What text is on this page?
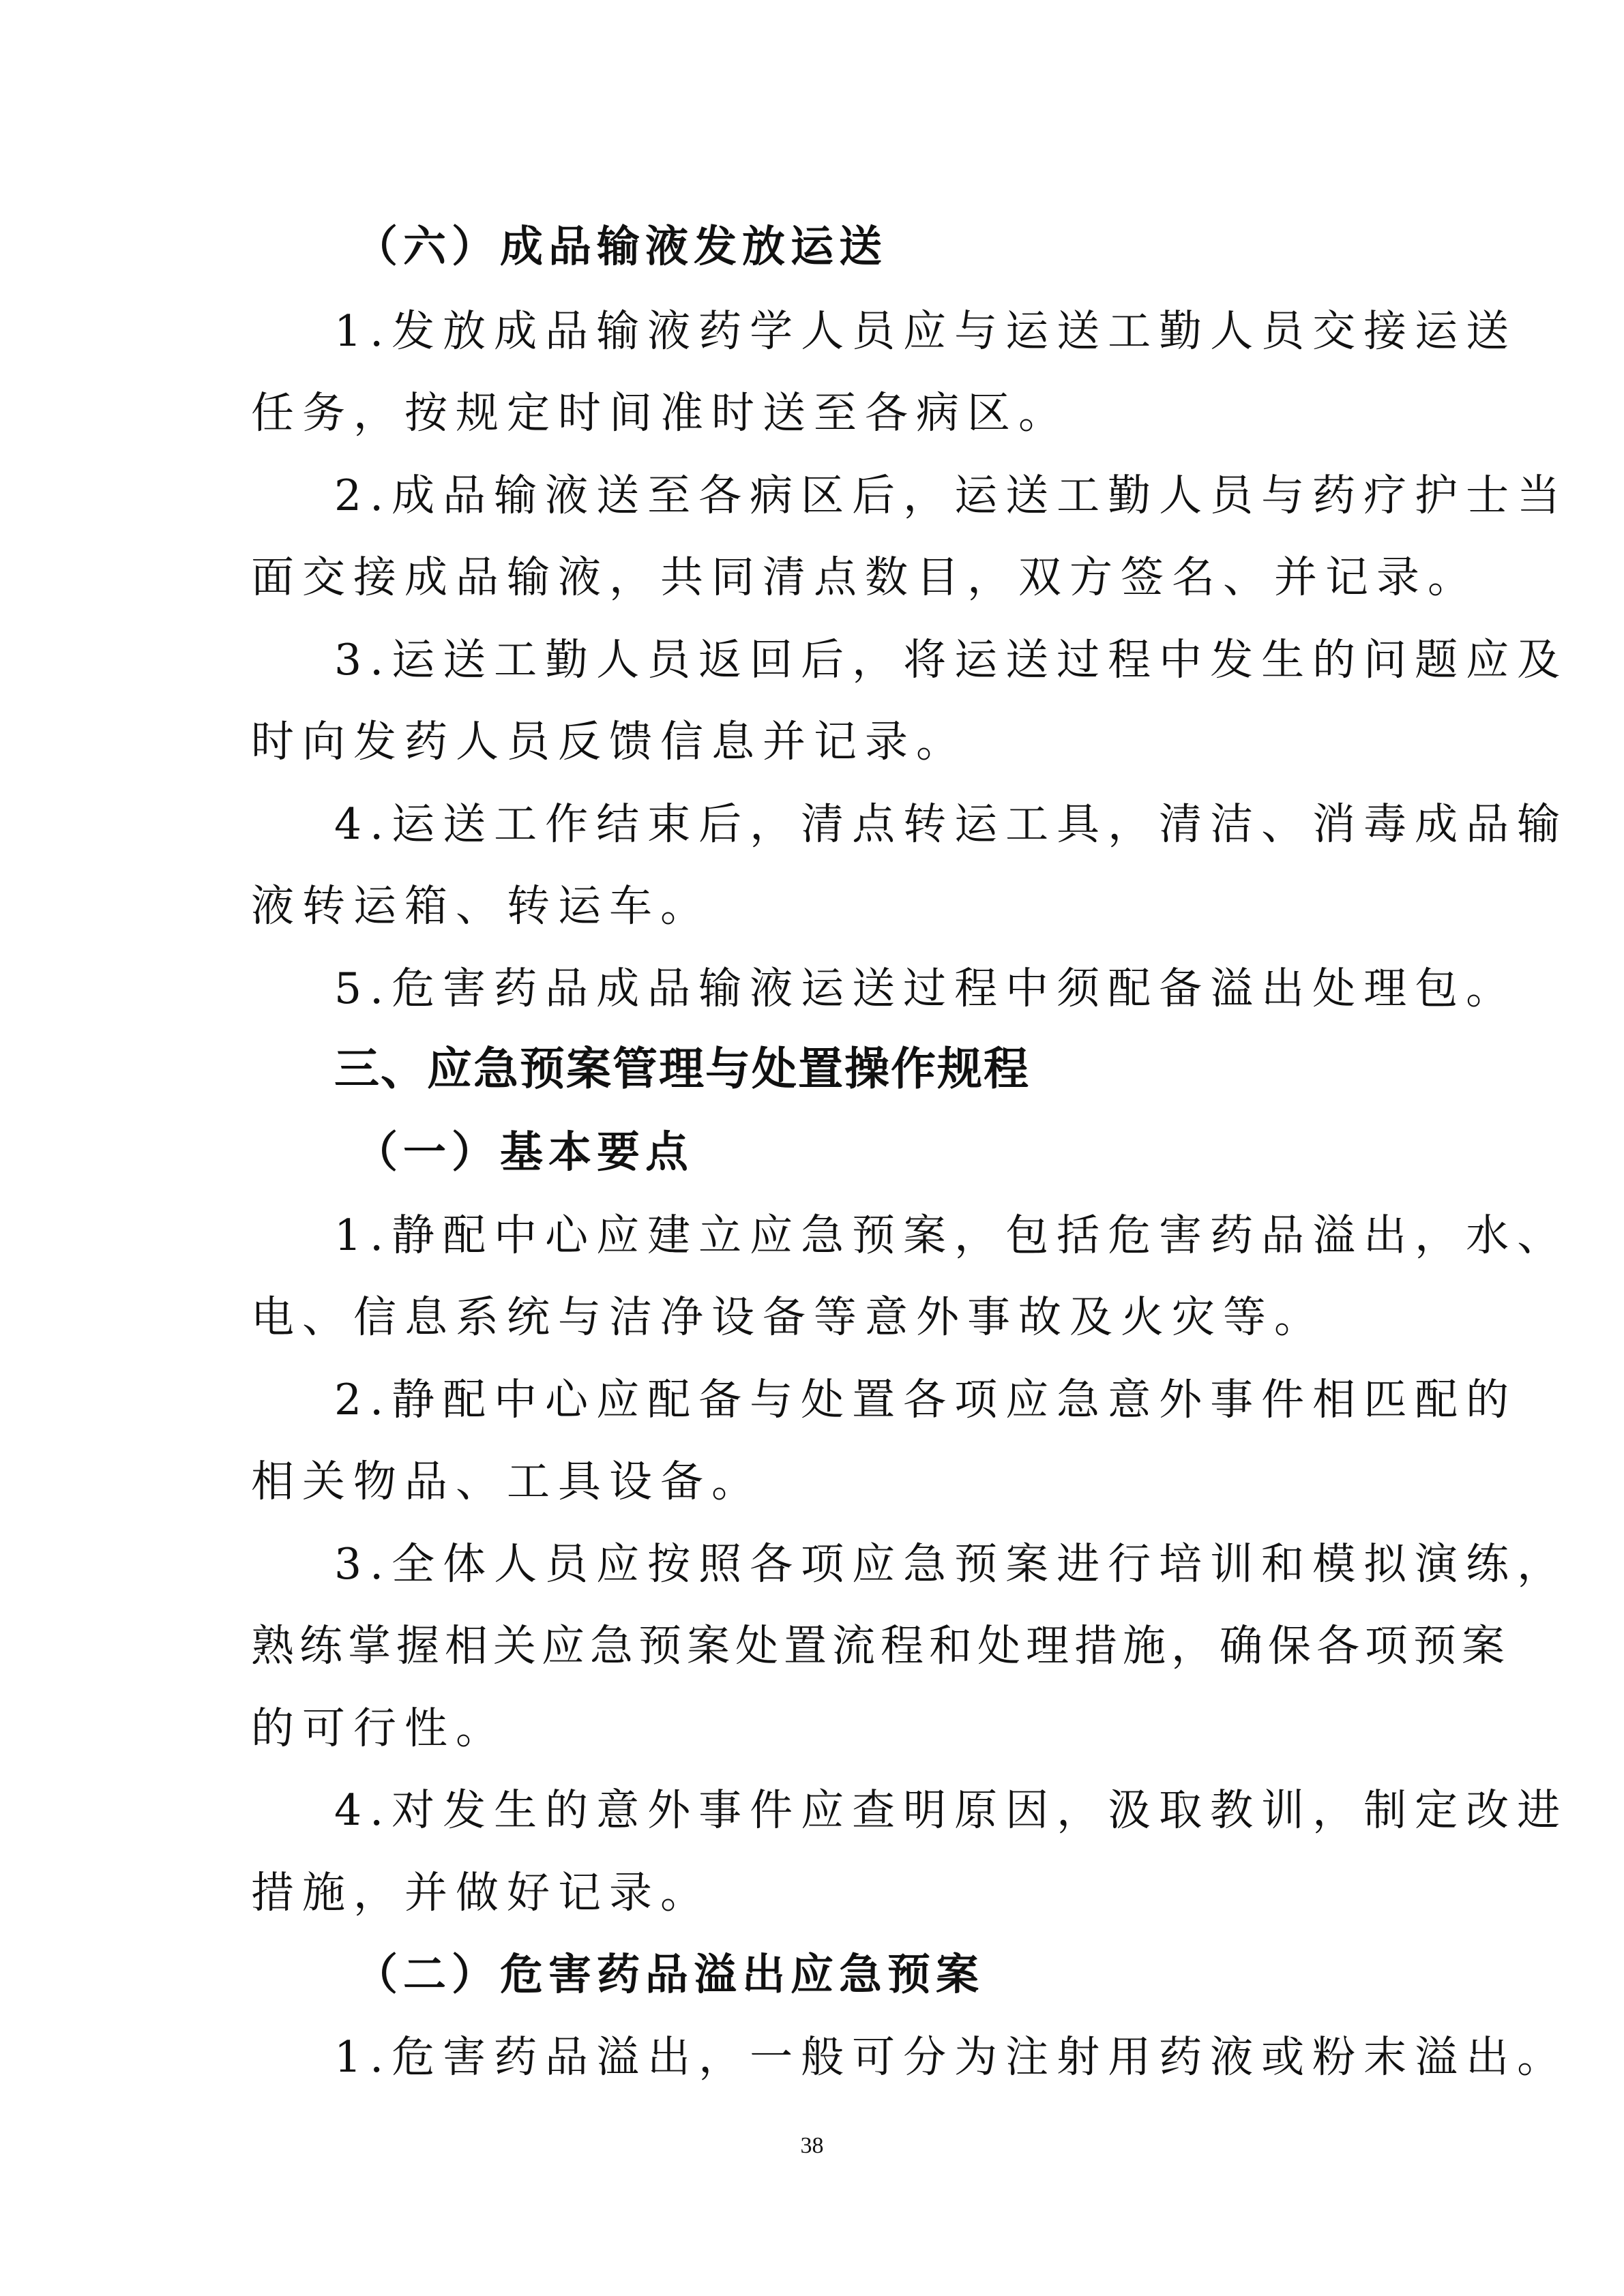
（六）成品输液发放运送
1.发放成品输液药学人员应与运送工勤人员交接运送
任务，按规定时间准时送至各病区。
2.成品输液送至各病区后，运送工勤人员与药疗护士当
面交接成品输液，共同清点数目，双方签名、并记录。
3.运送工勤人员返回后，将运送过程中发生的问题应及
时向发药人员反馈信息并记录。
4.运送工作结束后，清点转运工具，清洁、消毒成品输
液转运箱、转运车。
5.危害药品成品输液运送过程中须配备溢出处理包。
三、应急预案管理与处置操作规程
（一）基本要点
1.静配中心应建立应急预案，包括危害药品溢出，水、
电、信息系统与洁净设备等意外事故及火灾等。
2.静配中心应配备与处置各项应急意外事件相匹配的
相关物品、工具设备。
3.全体人员应按照各项应急预案进行培训和模拟演练，
熟练掌握相关应急预案处置流程和处理措施，确保各项预案
的可行性。
4.对发生的意外事件应查明原因，汲取教训，制定改进
措施，并做好记录。
（二）危害药品溢出应急预案
1.危害药品溢出，一般可分为注射用药液或粉末溢出。
38
